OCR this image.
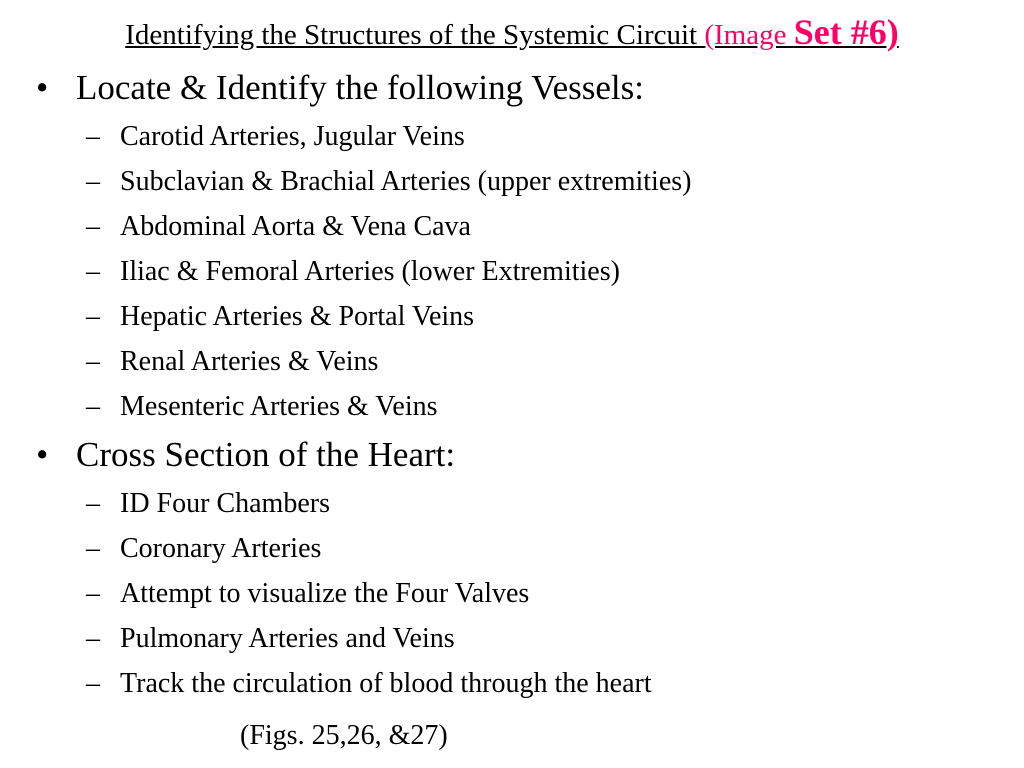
Identifying the Structures of the Systemic Circuit (Image Set #6)
• Locate & Identify the following Vessels:
– Carotid Arteries, Jugular Veins
– Subclavian & Brachial Arteries (upper extremities)
– Abdominal Aorta & Vena Cava
– Iliac & Femoral Arteries (lower Extremities)
– Hepatic Arteries & Portal Veins
– Renal Arteries & Veins
– Mesenteric Arteries & Veins
• Cross Section of the Heart:
– ID Four Chambers
– Coronary Arteries
– Attempt to visualize the Four Valves
– Pulmonary Arteries and Veins
– Track the circulation of blood through the heart
(Figs. 25,26, &27)
